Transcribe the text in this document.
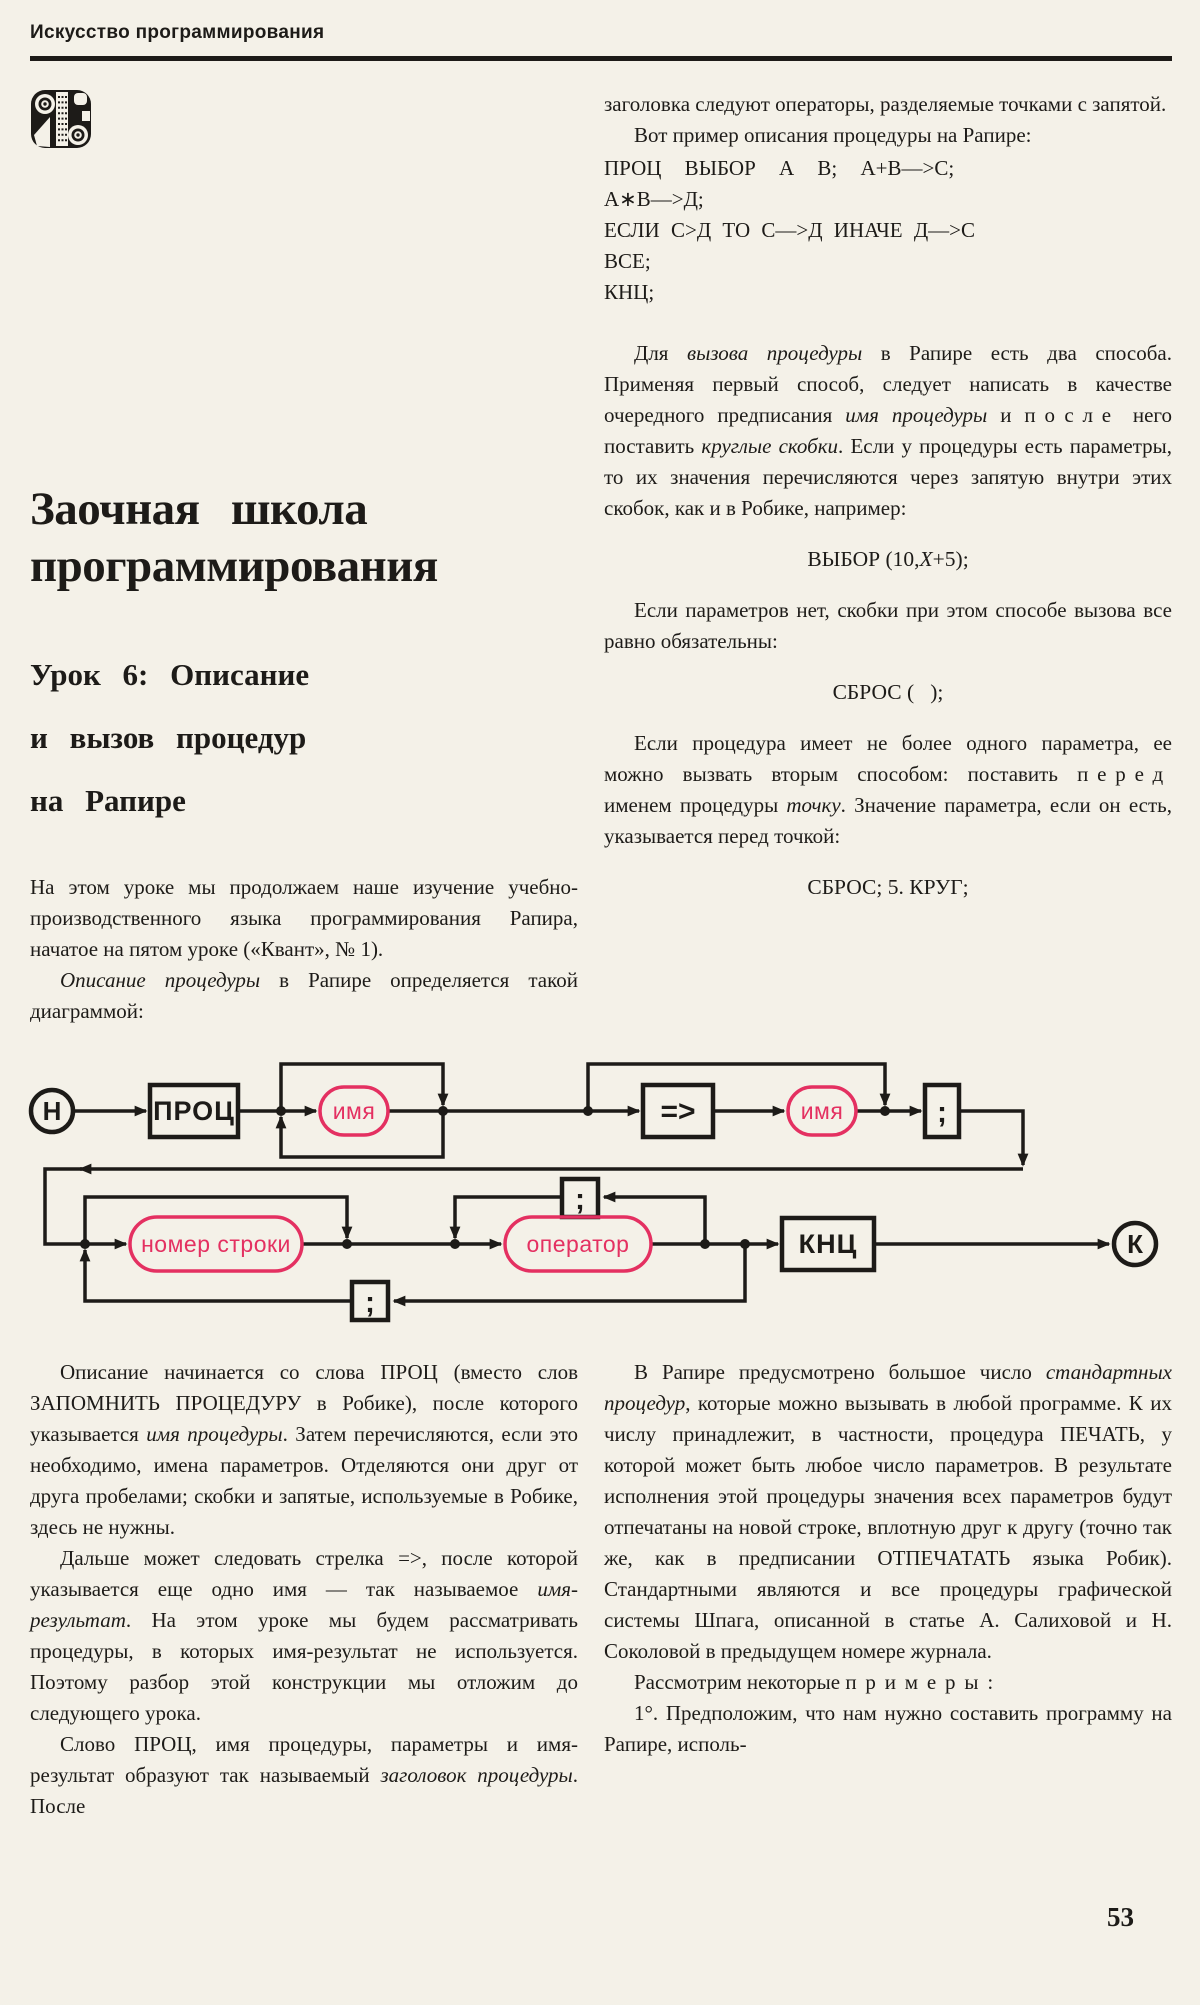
Искусство программирования
Заочная школа
программирования
Урок 6: Описание
и вызов процедур
на Рапире

На этом уроке мы продолжаем наше изучение учебно-производственного языка программирования Рапира, начатое на пятом уроке («Квант», № 1).

Описание процедуры в Рапире определяется такой диаграммой:

заголовка следуют операторы, разделяемые точками с запятой.

Вот пример описания процедуры на Рапире:

ПРОЦ ВЫБОР А В; А+В—>С;
А∗В—>Д;
ЕСЛИ С>Д ТО С—>Д ИНАЧЕ Д—>С
ВСЕ;
КНЦ;

Для вызова процедуры в Рапире есть два способа. Применяя первый способ, следует написать в качестве очередного предписания имя процедуры и после него поставить круглые скобки. Если у процедуры есть параметры, то их значения перечисляются через запятую внутри этих скобок, как и в Робике, например:

ВЫБОР (10,X+5);

Если параметров нет, скобки при этом способе вызова все равно обязательны:

СБРОС (   );

Если процедура имеет не более одного параметра, ее можно вызвать вторым способом: поставить перед именем процедуры точку. Значение параметра, если он есть, указывается перед точкой:

СБРОС; 5. КРУГ;
Н	ПРОЦ	имя	=>	имя	;
номер строки
;
оператор
;
КНЦ	К

Описание начинается со слова ПРОЦ (вместо слов ЗАПОМНИТЬ ПРОЦЕДУРУ в Робике), после которого указывается имя процедуры. Затем перечисляются, если это необходимо, имена параметров. Отделяются они друг от друга пробелами; скобки и запятые, используемые в Робике, здесь не нужны.

Дальше может следовать стрелка =>, после которой указывается еще одно имя — так называемое имя-результат. На этом уроке мы будем рассматривать процедуры, в которых имя-результат не используется. Поэтому разбор этой конструкции мы отложим до следующего урока.

Слово ПРОЦ, имя процедуры, параметры и имя-результат образуют так называемый заголовок процедуры. После

В Рапире предусмотрено большое число стандартных процедур, которые можно вызывать в любой программе. К их числу принадлежит, в частности, процедура ПЕЧАТЬ, у которой может быть любое число параметров. В результате исполнения этой процедуры значения всех параметров будут отпечатаны на новой строке, вплотную друг к другу (точно так же, как в предписании ОТПЕЧАТАТЬ языка Робик). Стандартными являются и все процедуры графической системы Шпага, описанной в статье А. Салиховой и Н. Соколовой в предыдущем номере журнала.

Рассмотрим некоторые примеры:

1°. Предположим, что нам нужно составить программу на Рапире, исполь-

53
